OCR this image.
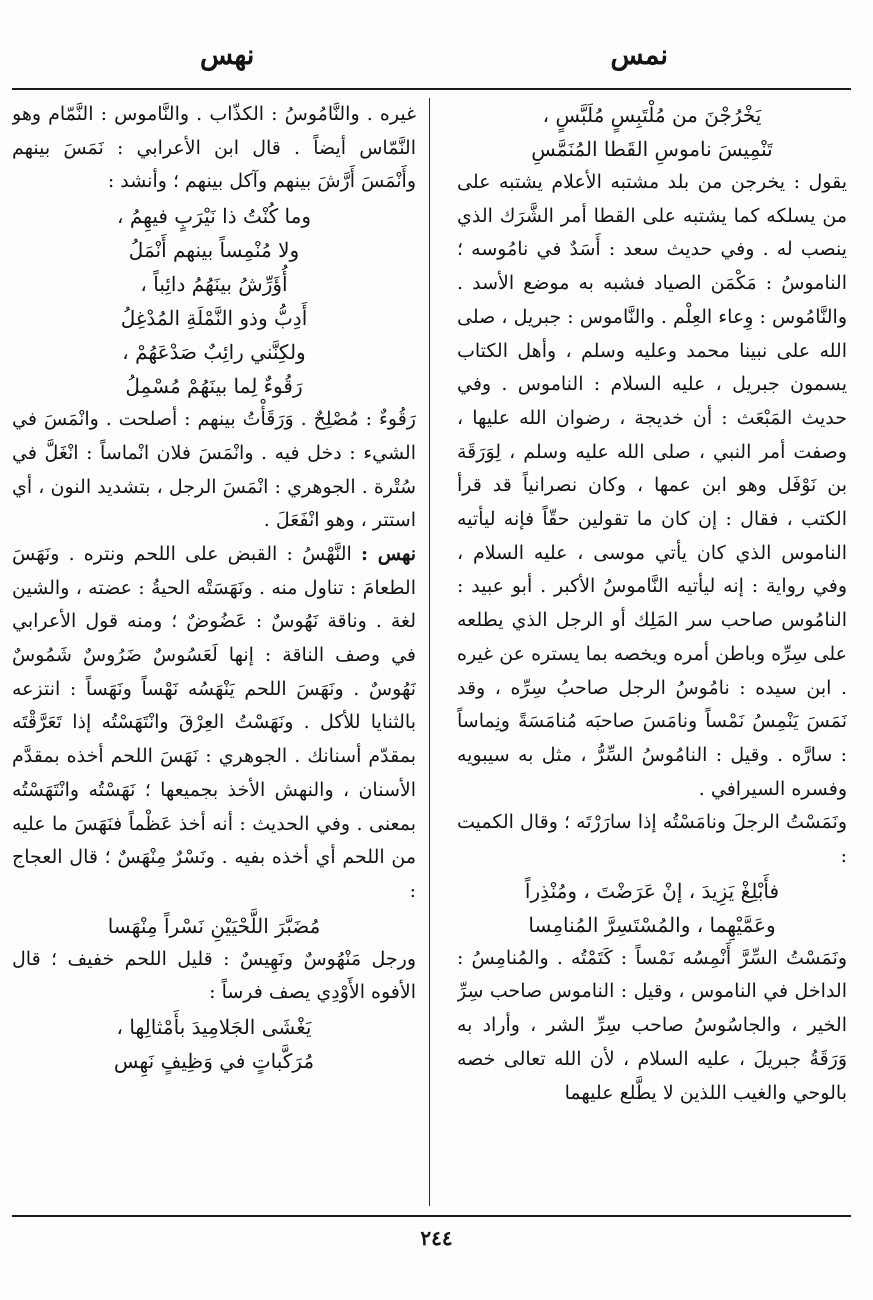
نمس
نهس

يَخْرُجْنَ من مُلْتَبِسٍ مُلَبَّسٍ ،

تَنْمِيسَ ناموسِ القَطا المُنَمَّسِ

يقول : يخرجن من بلد مشتبه الأعلام يشتبه على من يسلكه كما يشتبه على القطا أمر الشَّرَك الذي ينصب له . وفي حديث سعد : أَسَدٌ في نامُوسه ؛ الناموسُ : مَكْمَن الصياد فشبه به موضع الأسد . والنَّامُوس : وِعاء العِلْم . والنَّاموس : جبريل ، صلى الله على نبينا محمد وعليه وسلم ، وأهل الكتاب يسمون جبريل ، عليه السلام : الناموس . وفي حديث المَبْعَث : أن خديجة ، رضوان الله عليها ، وصفت أمر النبي ، صلى الله عليه وسلم ، لِوَرَقَة بن نَوْفَل وهو ابن عمها ، وكان نصرانياً قد قرأ الكتب ، فقال : إن كان ما تقولين حقّاً فإنه ليأتيه الناموس الذي كان يأتي موسى ، عليه السلام ، وفي رواية : إنه ليأتيه النَّاموسُ الأكبر . أبو عبيد : النامُوس صاحب سر المَلِك أو الرجل الذي يطلعه على سِرِّه وباطن أمره ويخصه بما يستره عن غيره . ابن سيده : نامُوسُ الرجل صاحبُ سِرِّه ، وقد نَمَسَ يَنْمِسُ نَمْساً ونامَسَ صاحبَه مُنامَسَةً ونِماساً : سارَّه . وقيل : النامُوسُ السِّرُّ ، مثل به سيبويه وفسره السيرافي .

ونَمَسْتُ الرجلَ ونامَسْتُه إذا سارَرْتَه ؛ وقال الكميت :

فأَبْلِغْ يَزِيدَ ، إنْ عَرَضْتَ ، ومُنْذِراً

وعَمَّيْهِما ، والمُسْتَسِرَّ المُنامِسا

ونَمَسْتُ السِّرَّ أَنْمِسُه نَمْساً : كَتَمْتُه . والمُنامِسُ : الداخل في الناموس ، وقيل : الناموس صاحب سِرِّ الخير ، والجاسُوسُ صاحب سِرِّ الشر ، وأراد به وَرَقَةُ جبريلَ ، عليه السلام ، لأن الله تعالى خصه بالوحي والغيب اللذين لا يطَّلع عليهما

غيره . والنَّامُوسُ : الكذّاب . والنَّاموس : النَّمّام وهو النَّمّاس أيضاً . قال ابن الأعرابي : نَمَسَ بينهم وأَنْمَسَ أَرَّشَ بينهم وآكل بينهم ؛ وأنشد :

وما كُنْتُ ذا نَيْرَبٍ فيهِمُ ،

ولا مُنْمِساً بينهم أَنْمَلُ

أُؤَرِّشُ بينَهُمُ دائِباً ،

أَدِبُّ وذو النَّمْلَةِ المُدْغِلُ

ولكِنَّني رائِبٌ صَدْعَهُمْ ،

رَقُوءٌ لِما بينَهُمْ مُسْمِلُ

رَقُوءٌ : مُصْلِحٌ . وَرَقَأْتُ بينهم : أصلحت . وانْمَسَ في الشيء : دخل فيه . وانْمَسَ فلان انْماساً : انْغَلَّ في سُتْرة . الجوهري : انْمَسَ الرجل ، بتشديد النون ، أي استتر ، وهو انْفَعَلَ .

نهس : النَّهْسُ : القبض على اللحم ونتره . ونَهَسَ الطعامَ : تناول منه . ونَهَسَتْه الحيةُ : عضته ، والشين لغة . وناقة نَهُوسٌ : عَضُوضٌ ؛ ومنه قول الأعرابي في وصف الناقة : إنها لَعَسُوسٌ ضَرُوسٌ شَمُوسٌ نَهُوسٌ . ونَهَسَ اللحم يَنْهَسُه نَهْساً ونَهَساً : انتزعه بالثنايا للأكل . ونَهَسْتُ العِرْقَ وانْتَهَسْتُه إذا تَعَرَّقْتَه بمقدّم أسنانك . الجوهري : نَهَسَ اللحم أخذه بمقدَّم الأسنان ، والنهش الأخذ بجميعها ؛ نَهَسْتُه وانْتَهَسْتُه بمعنى . وفي الحديث : أنه أخذ عَظْماً فنَهَسَ ما عليه من اللحم أي أخذه بفيه . ونَسْرٌ مِنْهَسٌ ؛ قال العجاج :

مُضَبَّرَ اللَّحْيَيْنِ نَسْراً مِنْهَسا

ورجل مَنْهُوسٌ ونَهِيسٌ : قليل اللحم خفيف ؛ قال الأفوه الأَوْدِي يصف فرساً :

يَغْشَى الجَلامِيدَ بأَمْثالِها ،

مُرَكَّباتٍ في وَظِيفٍ نَهِس

٢٤٤
